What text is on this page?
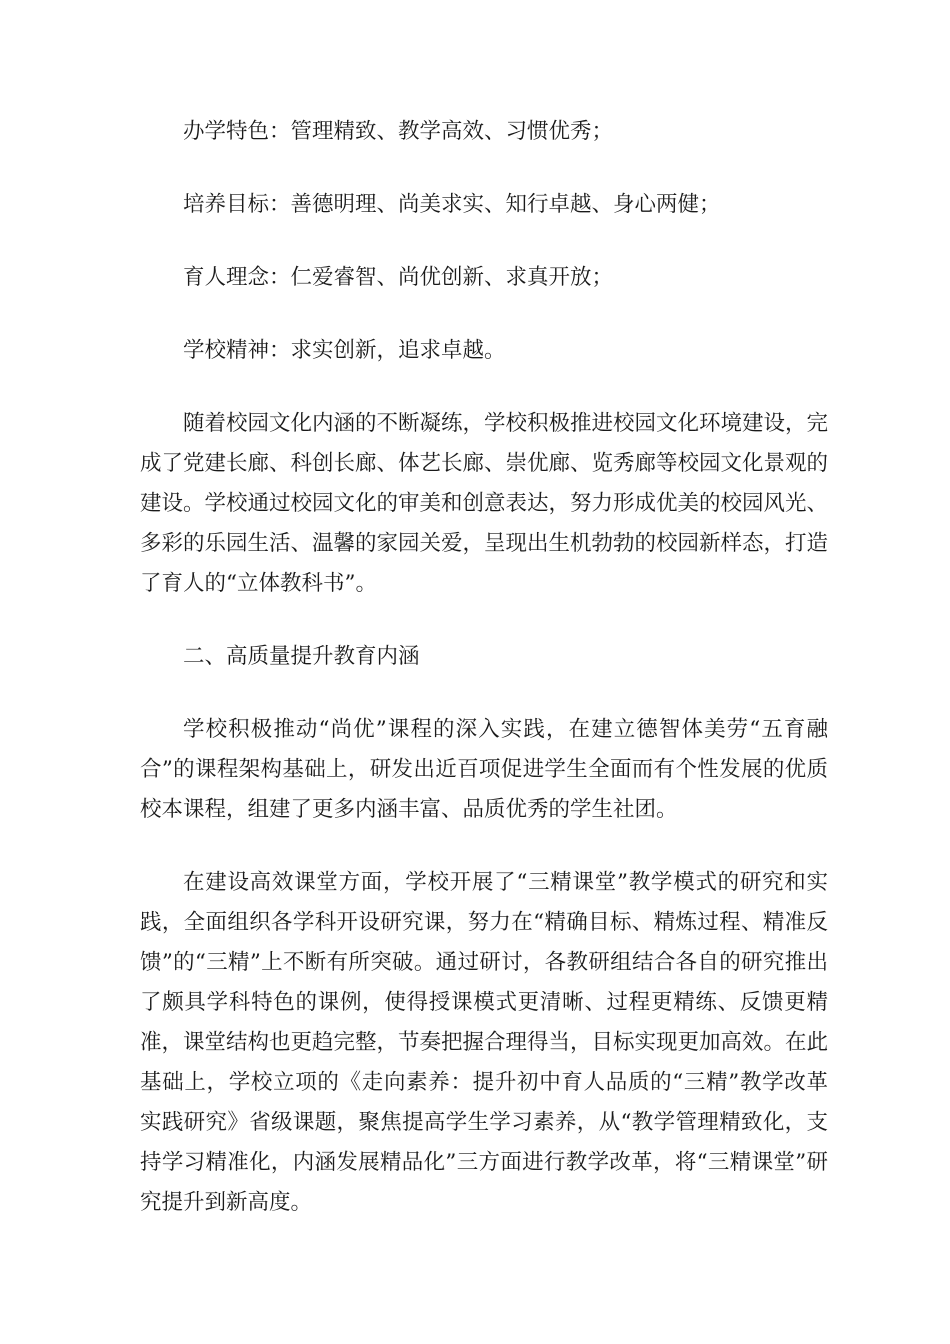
办学特色：管理精致、教学高效、习惯优秀；

培养目标：善德明理、尚美求实、知行卓越、身心两健；

育人理念：仁爱睿智、尚优创新、求真开放；

学校精神：求实创新，追求卓越。

随着校园文化内涵的不断凝练，学校积极推进校园文化环境建设，完成了党建长廊、科创长廊、体艺长廊、崇优廊、览秀廊等校园文化景观的建设。学校通过校园文化的审美和创意表达，努力形成优美的校园风光、多彩的乐园生活、温馨的家园关爱，呈现出生机勃勃的校园新样态，打造了育人的“立体教科书”。

二、高质量提升教育内涵

学校积极推动“尚优”课程的深入实践，在建立德智体美劳“五育融合”的课程架构基础上，研发出近百项促进学生全面而有个性发展的优质校本课程，组建了更多内涵丰富、品质优秀的学生社团。

在建设高效课堂方面，学校开展了“三精课堂”教学模式的研究和实践，全面组织各学科开设研究课，努力在“精确目标、精炼过程、精准反馈”的“三精”上不断有所突破。通过研讨，各教研组结合各自的研究推出了颇具学科特色的课例，使得授课模式更清晰、过程更精练、反馈更精准，课堂结构也更趋完整，节奏把握合理得当，目标实现更加高效。在此基础上，学校立项的《走向素养：提升初中育人品质的“三精”教学改革实践研究》省级课题，聚焦提高学生学习素养，从“教学管理精致化，支持学习精准化，内涵发展精品化”三方面进行教学改革，将“三精课堂”研究提升到新高度。
